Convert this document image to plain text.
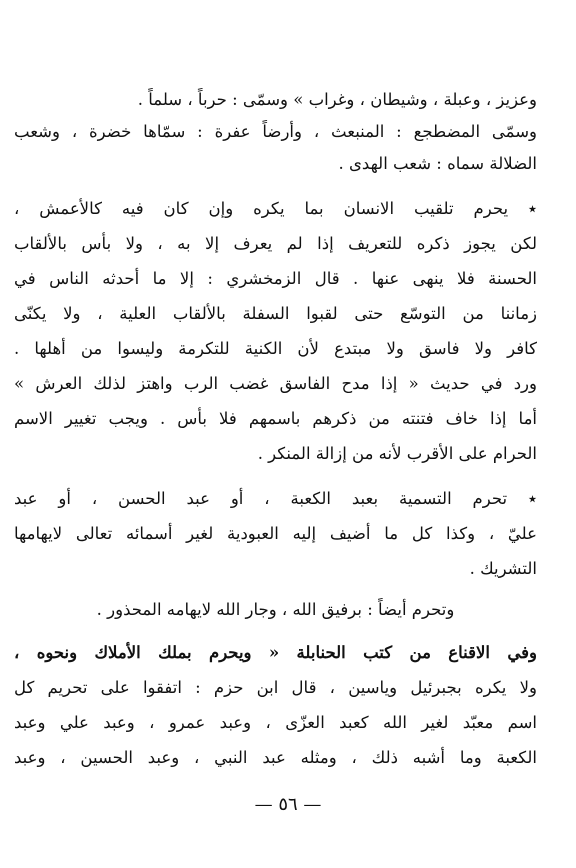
وعزيز ، وعبلة ، وشيطان ، وغراب » وسمّى : حرباً ، سلماً .
وسمّى المضطجع : المنبعث ، وأرضاً عفرة : سمّاها خضرة ، وشعب
الضلالة سماه : شعب الهدى .
٭ يحرم تلقيب الانسان بما يكره وإن كان فيه كالأعمش ،
لكن يجوز ذكره للتعريف إذا لم يعرف إلا به ، ولا بأس بالألقاب
الحسنة فلا ينهى عنها . قال الزمخشري : إلا ما أحدثه الناس في
زماننا من التوسّع حتى لقبوا السفلة بالألقاب العلية ، ولا يكنّى
كافر ولا فاسق ولا مبتدع لأن الكنية للتكرمة وليسوا من أهلها .
ورد في حديث « إذا مدح الفاسق غضب الرب واهتز لذلك العرش »
أما إذا خاف فتنته من ذكرهم باسمهم فلا بأس . ويجب تغيير الاسم
الحرام على الأقرب لأنه من إزالة المنكر .
٭ تحرم التسمية بعبد الكعبة ، أو عبد الحسن ، أو عبد
عليّ ، وكذا كل ما أضيف إليه العبودية لغير أسمائه تعالى لايهامها
التشريك .
وتحرم أيضاً : برفيق الله ، وجار الله لايهامه المحذور .
وفي الاقناع من كتب الحنابلة « ويحرم بملك الأملاك ونحوه ،
ولا يكره بجبرئيل وياسين ، قال ابن حزم : اتفقوا على تحريم كل
اسم معبّد لغير الله كعبد العزّى ، وعبد عمرو ، وعبد علي وعبد
الكعبة وما أشبه ذلك ، ومثله عبد النبي ، وعبد الحسين ، وعبد
— ٥٦ —
